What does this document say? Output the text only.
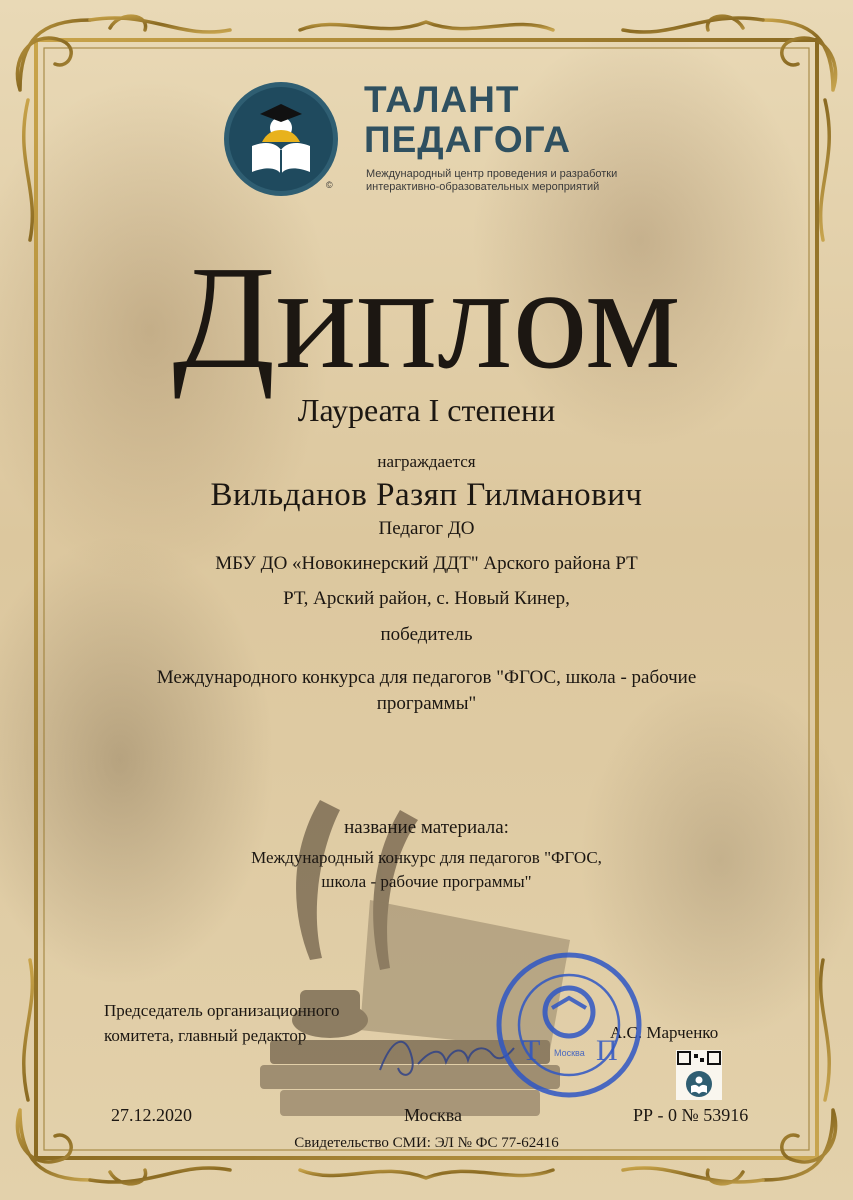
ТАЛАНТ
ПЕДАГОГА
Международный центр проведения и разработки
интерактивно-образовательных мероприятий
©
Диплом
Лауреата I степени
награждается
Вильданов Разяп Гилманович
Педагог ДО
МБУ ДО «Новокинерский ДДТ" Арского района РТ
РТ, Арский район, с. Новый Кинер,
победитель
Международного конкурса для педагогов "ФГОС, школа - рабочие
программы"
название материала:
Международный конкурс для педагогов "ФГОС,
школа - рабочие программы"
Председатель организационного
комитета, главный редактор	А.С. Марченко
Т П
Москва
27.12.2020	Москва	РР - 0 № 53916
Свидетельство СМИ: ЭЛ № ФС 77-62416
